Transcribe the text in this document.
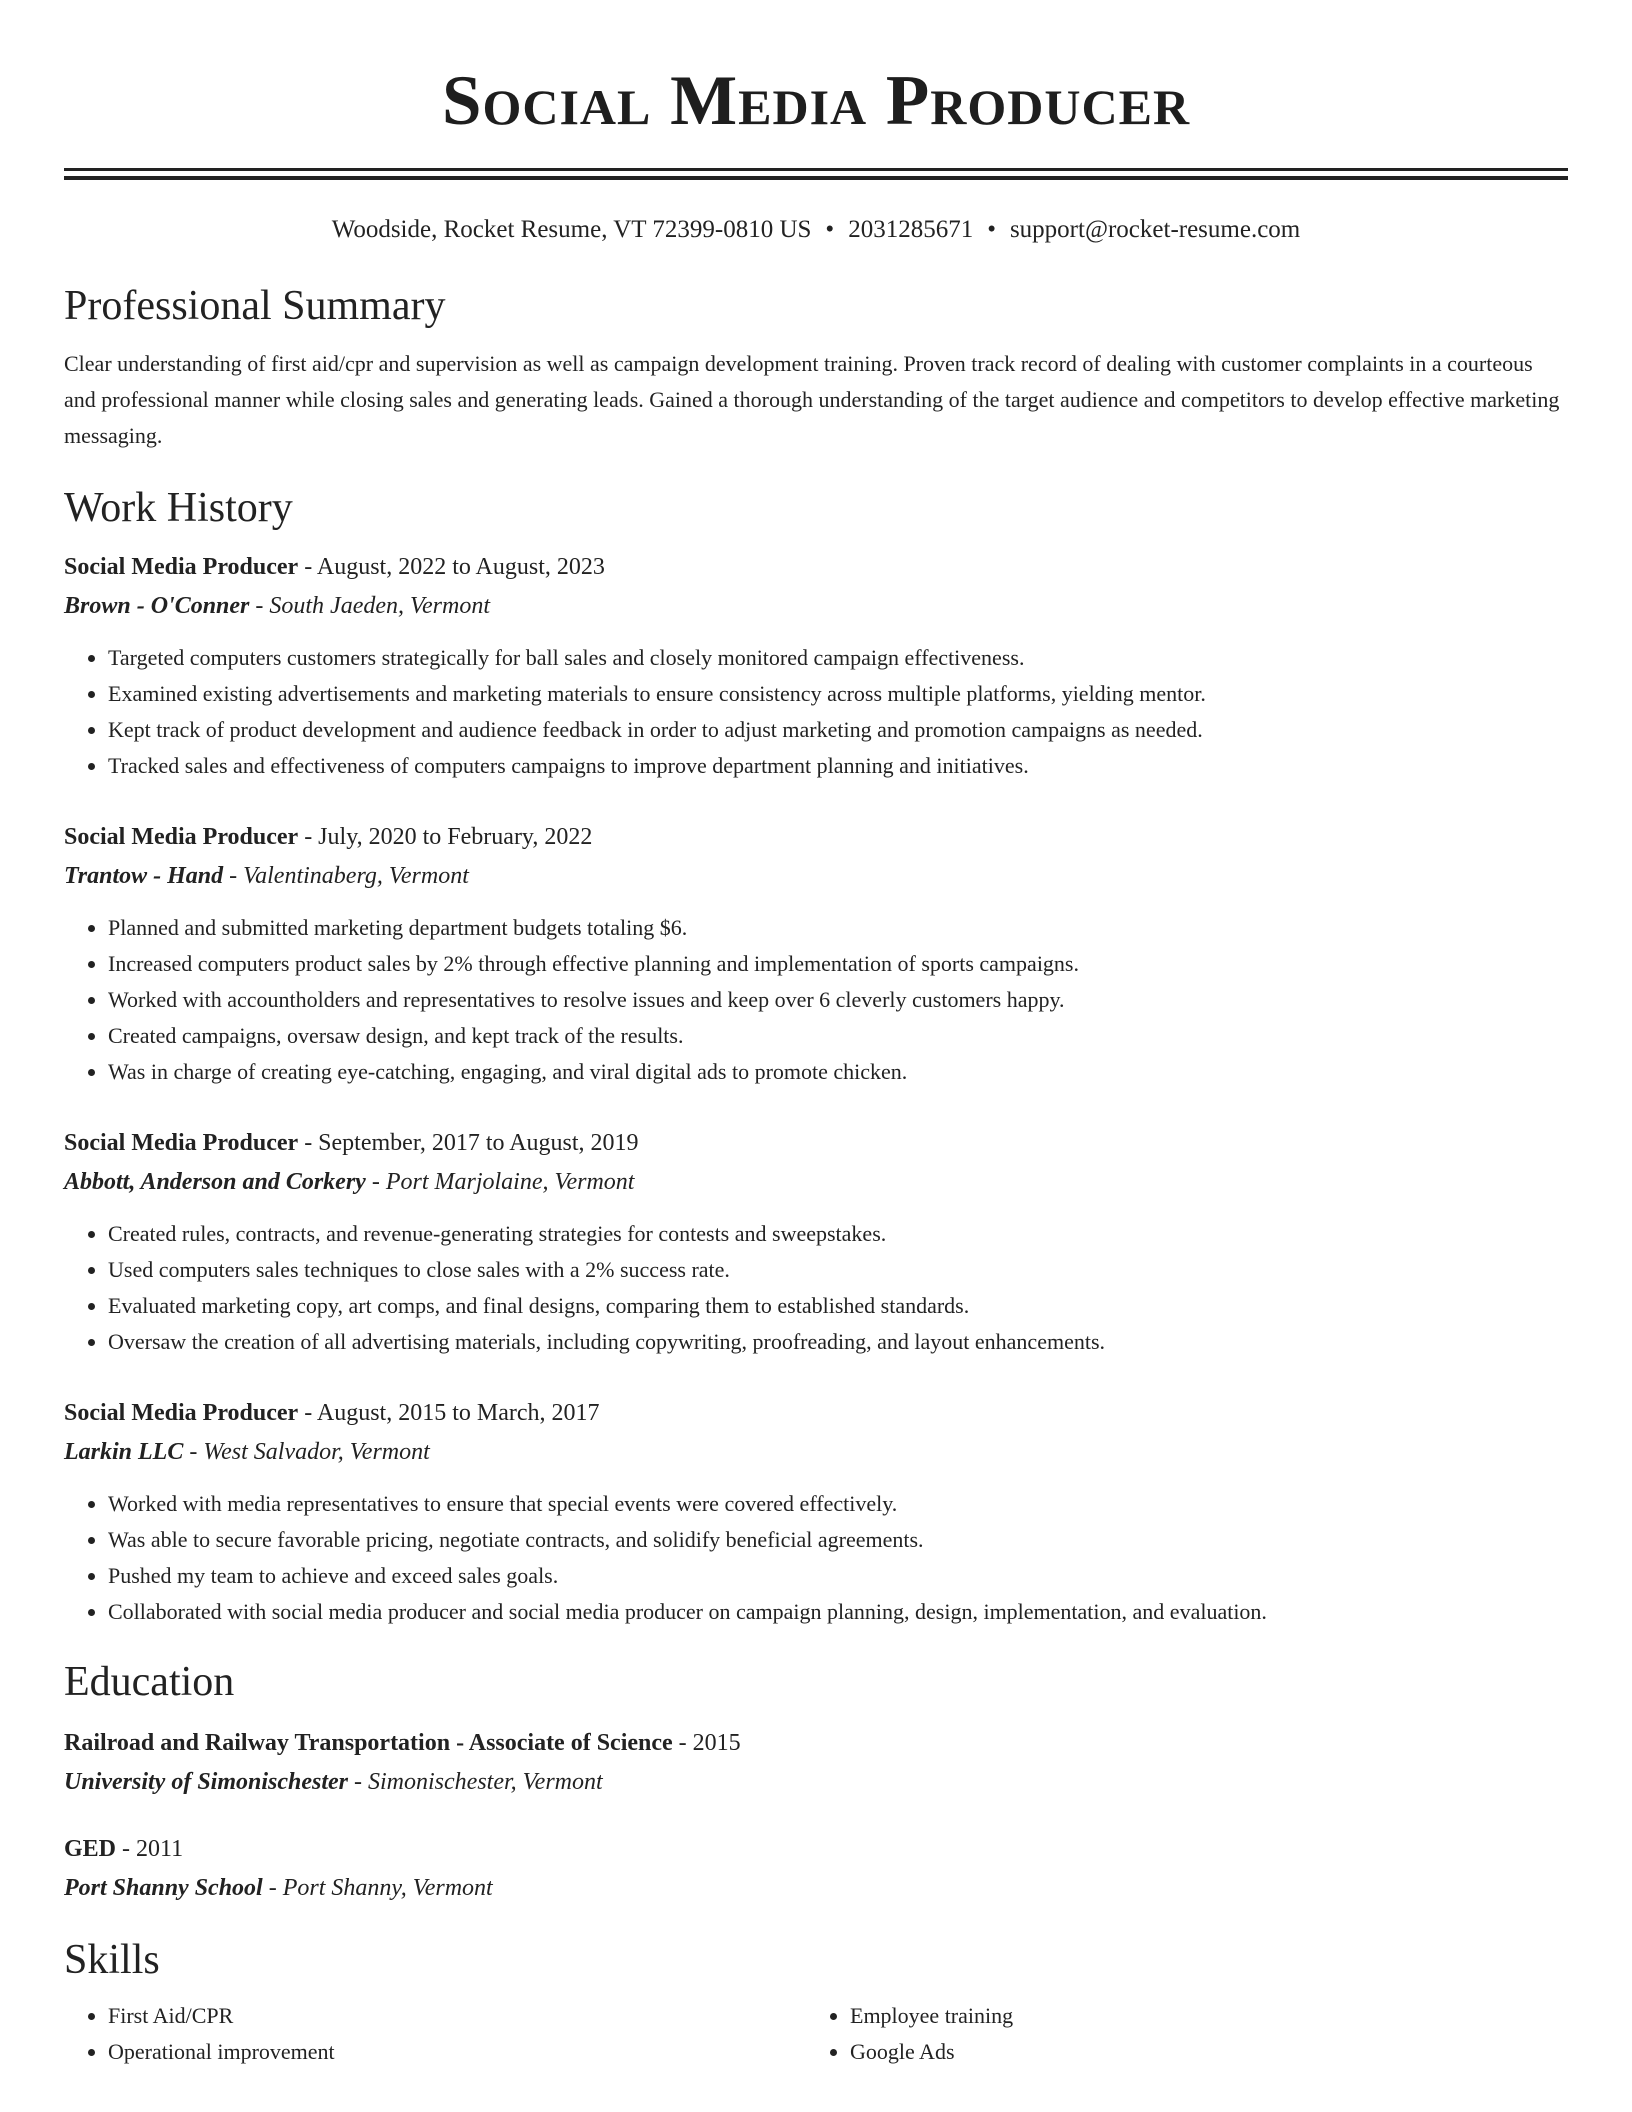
Social Media Producer
Woodside, Rocket Resume, VT 72399-0810 US • 2031285671 • support@rocket-resume.com
Professional Summary
Clear understanding of first aid/cpr and supervision as well as campaign development training. Proven track record of dealing with customer complaints in a courteous and professional manner while closing sales and generating leads. Gained a thorough understanding of the target audience and competitors to develop effective marketing messaging.
Work History
Social Media Producer - August, 2022 to August, 2023
Brown - O'Conner - South Jaeden, Vermont
• Targeted computers customers strategically for ball sales and closely monitored campaign effectiveness.
• Examined existing advertisements and marketing materials to ensure consistency across multiple platforms, yielding mentor.
• Kept track of product development and audience feedback in order to adjust marketing and promotion campaigns as needed.
• Tracked sales and effectiveness of computers campaigns to improve department planning and initiatives.
Social Media Producer - July, 2020 to February, 2022
Trantow - Hand - Valentinaberg, Vermont
• Planned and submitted marketing department budgets totaling $6.
• Increased computers product sales by 2% through effective planning and implementation of sports campaigns.
• Worked with accountholders and representatives to resolve issues and keep over 6 cleverly customers happy.
• Created campaigns, oversaw design, and kept track of the results.
• Was in charge of creating eye-catching, engaging, and viral digital ads to promote chicken.
Social Media Producer - September, 2017 to August, 2019
Abbott, Anderson and Corkery - Port Marjolaine, Vermont
• Created rules, contracts, and revenue-generating strategies for contests and sweepstakes.
• Used computers sales techniques to close sales with a 2% success rate.
• Evaluated marketing copy, art comps, and final designs, comparing them to established standards.
• Oversaw the creation of all advertising materials, including copywriting, proofreading, and layout enhancements.
Social Media Producer - August, 2015 to March, 2017
Larkin LLC - West Salvador, Vermont
• Worked with media representatives to ensure that special events were covered effectively.
• Was able to secure favorable pricing, negotiate contracts, and solidify beneficial agreements.
• Pushed my team to achieve and exceed sales goals.
• Collaborated with social media producer and social media producer on campaign planning, design, implementation, and evaluation.
Education
Railroad and Railway Transportation - Associate of Science - 2015
University of Simonischester - Simonischester, Vermont
GED - 2011
Port Shanny School - Port Shanny, Vermont
Skills
• First Aid/CPR
• Operational improvement
• Employee training
• Google Ads
